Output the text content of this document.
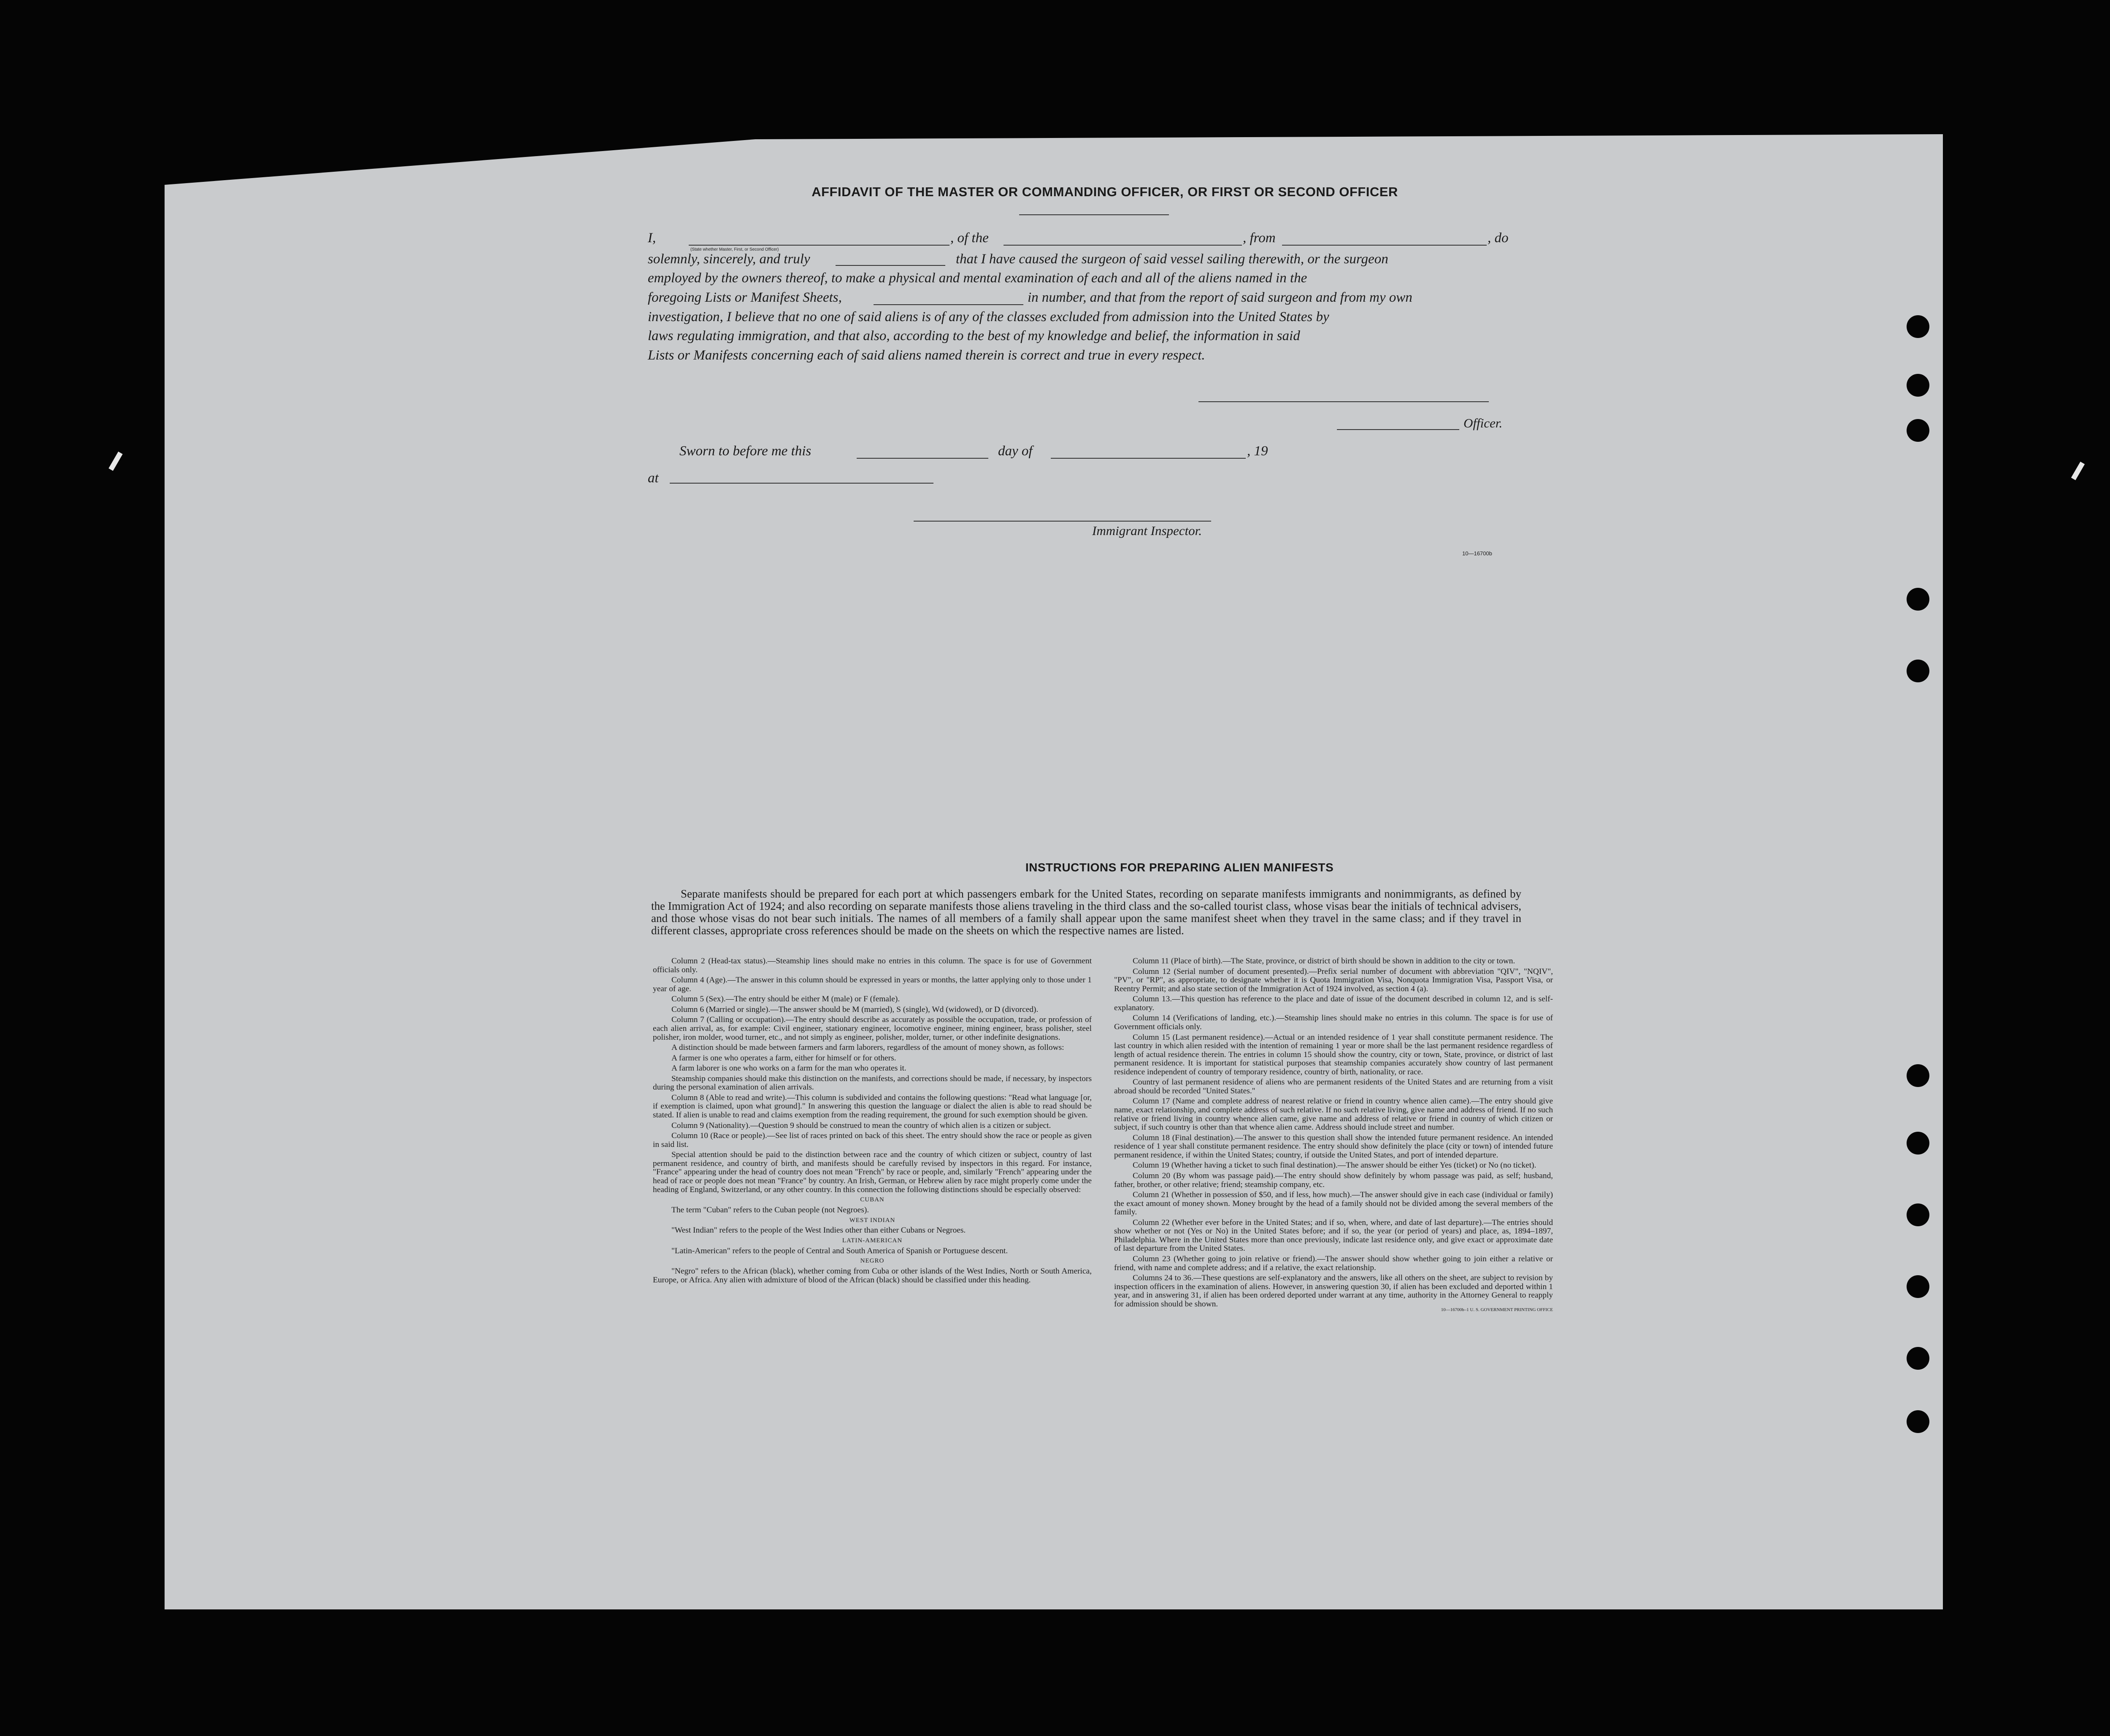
AFFIDAVIT OF THE MASTER OR COMMANDING OFFICER, OR FIRST OR SECOND OFFICER
I,	, of the	, from	, do
(State whether Master, First, or Second Officer)
solemnly, sincerely, and truly	that I have caused the surgeon of said vessel sailing therewith, or the surgeon
employed by the owners thereof, to make a physical and mental examination of each and all of the aliens named in the
foregoing Lists or Manifest Sheets,	in number, and that from the report of said surgeon and from my own
investigation, I believe that no one of said aliens is of any of the classes excluded from admission into the United States by
laws regulating immigration, and that also, according to the best of my knowledge and belief, the information in said
Lists or Manifests concerning each of said aliens named therein is correct and true in every respect.
Officer.
Sworn to before me this	day of	, 19
at
Immigrant Inspector.
10—16700b
INSTRUCTIONS FOR PREPARING ALIEN MANIFESTS

Separate manifests should be prepared for each port at which passengers embark for the United States, recording on separate manifests immigrants and nonimmigrants, as defined by the Immigration Act of 1924; and also recording on separate manifests those aliens traveling in the third class and the so-called tourist class, whose visas bear the initials of technical advisers, and those whose visas do not bear such initials. The names of all members of a family shall appear upon the same manifest sheet when they travel in the same class; and if they travel in different classes, appropriate cross references should be made on the sheets on which the respective names are listed.

Column 2 (Head-tax status).—Steamship lines should make no entries in this column. The space is for use of Government officials only.

Column 4 (Age).—The answer in this column should be expressed in years or months, the latter applying only to those under 1 year of age.

Column 5 (Sex).—The entry should be either M (male) or F (female).

Column 6 (Married or single).—The answer should be M (married), S (single), Wd (widowed), or D (divorced).

Column 7 (Calling or occupation).—The entry should describe as accurately as possible the occupation, trade, or profession of each alien arrival, as, for example: Civil engineer, stationary engineer, locomotive engineer, mining engineer, brass polisher, steel polisher, iron molder, wood turner, etc., and not simply as engineer, polisher, molder, turner, or other indefinite designations.

A distinction should be made between farmers and farm laborers, regardless of the amount of money shown, as follows:

A farmer is one who operates a farm, either for himself or for others.

A farm laborer is one who works on a farm for the man who operates it.

Steamship companies should make this distinction on the manifests, and corrections should be made, if necessary, by inspectors during the personal examination of alien arrivals.

Column 8 (Able to read and write).—This column is subdivided and contains the following questions: "Read what language [or, if exemption is claimed, upon what ground]." In answering this question the language or dialect the alien is able to read should be stated. If alien is unable to read and claims exemption from the reading requirement, the ground for such exemption should be given.

Column 9 (Nationality).—Question 9 should be construed to mean the country of which alien is a citizen or subject.

Column 10 (Race or people).—See list of races printed on back of this sheet. The entry should show the race or people as given in said list.

Special attention should be paid to the distinction between race and the country of which citizen or subject, country of last permanent residence, and country of birth, and manifests should be carefully revised by inspectors in this regard. For instance, "France" appearing under the head of country does not mean "French" by race or people, and, similarly "French" appearing under the head of race or people does not mean "France" by country. An Irish, German, or Hebrew alien by race might properly come under the heading of England, Switzerland, or any other country. In this connection the following distinctions should be especially observed:

CUBAN

The term "Cuban" refers to the Cuban people (not Negroes).

WEST INDIAN

"West Indian" refers to the people of the West Indies other than either Cubans or Negroes.

LATIN-AMERICAN

"Latin-American" refers to the people of Central and South America of Spanish or Portuguese descent.

NEGRO

"Negro" refers to the African (black), whether coming from Cuba or other islands of the West Indies, North or South America, Europe, or Africa. Any alien with admixture of blood of the African (black) should be classified under this heading.

Column 11 (Place of birth).—The State, province, or district of birth should be shown in addition to the city or town.

Column 12 (Serial number of document presented).—Prefix serial number of document with abbreviation "QIV", "NQIV", "PV", or "RP", as appropriate, to designate whether it is Quota Immigration Visa, Nonquota Immigration Visa, Passport Visa, or Reentry Permit; and also state section of the Immigration Act of 1924 involved, as section 4 (a).

Column 13.—This question has reference to the place and date of issue of the document described in column 12, and is self-explanatory.

Column 14 (Verifications of landing, etc.).—Steamship lines should make no entries in this column. The space is for use of Government officials only.

Column 15 (Last permanent residence).—Actual or an intended residence of 1 year shall constitute permanent residence. The last country in which alien resided with the intention of remaining 1 year or more shall be the last permanent residence regardless of length of actual residence therein. The entries in column 15 should show the country, city or town, State, province, or district of last permanent residence. It is important for statistical purposes that steamship companies accurately show country of last permanent residence independent of country of temporary residence, country of birth, nationality, or race.

Country of last permanent residence of aliens who are permanent residents of the United States and are returning from a visit abroad should be recorded "United States."

Column 17 (Name and complete address of nearest relative or friend in country whence alien came).—The entry should give name, exact relationship, and complete address of such relative. If no such relative living, give name and address of friend. If no such relative or friend living in country whence alien came, give name and address of relative or friend in country of which citizen or subject, if such country is other than that whence alien came. Address should include street and number.

Column 18 (Final destination).—The answer to this question shall show the intended future permanent residence. An intended residence of 1 year shall constitute permanent residence. The entry should show definitely the place (city or town) of intended future permanent residence, if within the United States; country, if outside the United States, and port of intended departure.

Column 19 (Whether having a ticket to such final destination).—The answer should be either Yes (ticket) or No (no ticket).

Column 20 (By whom was passage paid).—The entry should show definitely by whom passage was paid, as self; husband, father, brother, or other relative; friend; steamship company, etc.

Column 21 (Whether in possession of $50, and if less, how much).—The answer should give in each case (individual or family) the exact amount of money shown. Money brought by the head of a family should not be divided among the several members of the family.

Column 22 (Whether ever before in the United States; and if so, when, where, and date of last departure).—The entries should show whether or not (Yes or No) in the United States before; and if so, the year (or period of years) and place, as, 1894–1897, Philadelphia. Where in the United States more than once previously, indicate last residence only, and give exact or approximate date of last departure from the United States.

Column 23 (Whether going to join relative or friend).—The answer should show whether going to join either a relative or friend, with name and complete address; and if a relative, the exact relationship.

Columns 24 to 36.—These questions are self-explanatory and the answers, like all others on the sheet, are subject to revision by inspection officers in the examination of aliens. However, in answering question 30, if alien has been excluded and deported within 1 year, and in answering 31, if alien has been ordered deported under warrant at any time, authority in the Attorney General to reapply for admission should be shown.

10—16700b–1 U. S. GOVERNMENT PRINTING OFFICE
